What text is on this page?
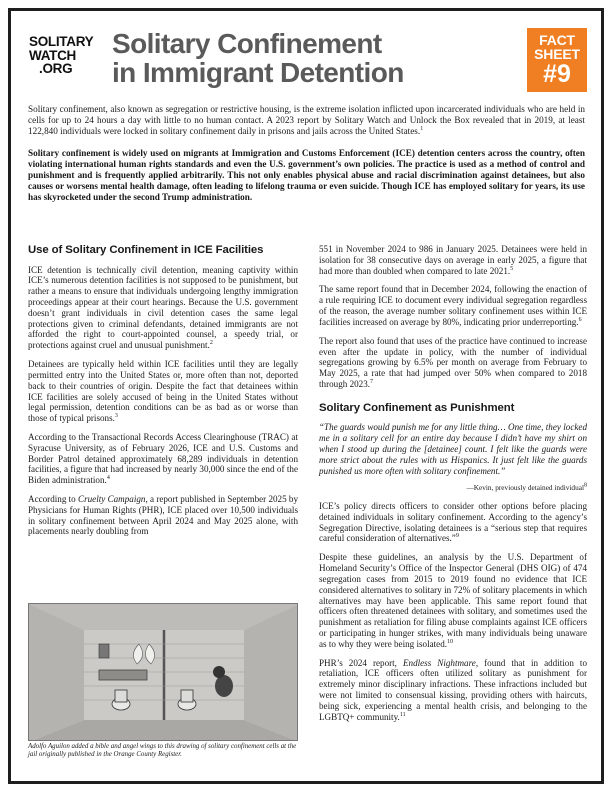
SOLITARY
WATCH
.ORG
Solitary Confinement
in Immigrant Detention
FACT SHEET
#9

Solitary confinement, also known as segregation or restrictive housing, is the extreme isolation inflicted upon incarcerated individuals who are held in cells for up to 24 hours a day with little to no human contact. A 2023 report by Solitary Watch and Unlock the Box revealed that in 2019, at least 122,840 individuals were locked in solitary confinement daily in prisons and jails across the United States.$^1$

Solitary confinement is widely used on migrants at Immigration and Customs Enforcement (ICE) detention centers across the country, often violating international human rights standards and even the U.S. government’s own policies. The practice is used as a method of control and punishment and is frequently applied arbitrarily. This not only enables physical abuse and racial discrimination against detainees, but also causes or worsens mental health damage, often leading to lifelong trauma or even suicide. Though ICE has employed solitary for years, its use has skyrocketed under the second Trump administration.

Use of Solitary Confinement in ICE Facilities

ICE detention is technically civil detention, meaning captivity within ICE’s numerous detention facilities is not supposed to be punishment, but rather a means to ensure that individuals undergoing lengthy immigration proceedings appear at their court hearings. Because the U.S. government doesn’t grant individuals in civil detention cases the same legal protections given to criminal defendants, detained immigrants are not afforded the right to court-appointed counsel, a speedy trial, or protections against cruel and unusual punishment.$^2$

Detainees are typically held within ICE facilities until they are legally permitted entry into the United States or, more often than not, deported back to their countries of origin. Despite the fact that detainees within ICE facilities are solely accused of being in the United States without legal permission, detention conditions can be as bad as or worse than those of typical prisons.$^3$

According to the Transactional Records Access Clearinghouse (TRAC) at Syracuse University, as of February 2026, ICE and U.S. Customs and Border Patrol detained approximately 68,289 individuals in detention facilities, a figure that had increased by nearly 30,000 since the end of the Biden administration.$^4$

According to Cruelty Campaign, a report published in September 2025 by Physicians for Human Rights (PHR), ICE placed over 10,500 individuals in solitary confinement between April 2024 and May 2025 alone, with placements nearly doubling from

Adolfo Aguilon added a bible and angel wings to this drawing of solitary confinement cells at the jail originally published in the Orange County Register.

551 in November 2024 to 986 in January 2025. Detainees were held in isolation for 38 consecutive days on average in early 2025, a figure that had more than doubled when compared to late 2021.$^5$

The same report found that in December 2024, following the enaction of a rule requiring ICE to document every individual segregation regardless of the reason, the average number solitary confinement uses within ICE facilities increased on average by 80%, indicating prior underreporting.$^6$

The report also found that uses of the practice have continued to increase even after the update in policy, with the number of individual segregations growing by 6.5% per month on average from February to May 2025, a rate that had jumped over 50% when compared to 2018 through 2023.$^7$

Solitary Confinement as Punishment

“The guards would punish me for any little thing… One time, they locked me in a solitary cell for an entire day because I didn’t have my shirt on when I stood up during the [detainee] count. I felt like the guards were more strict about the rules with us Hispanics. It just felt like the guards punished us more often with solitary confinement.”

—Kevin, previously detained individual$^8$

ICE’s policy directs officers to consider other options before placing detained individuals in solitary confinement. According to the agency’s Segregation Directive, isolating detainees is a “serious step that requires careful consideration of alternatives.”$^9$

Despite these guidelines, an analysis by the U.S. Department of Homeland Security’s Office of the Inspector General (DHS OIG) of 474 segregation cases from 2015 to 2019 found no evidence that ICE considered alternatives to solitary in 72% of solitary placements in which alternatives may have been applicable. This same report found that officers often threatened detainees with solitary, and sometimes used the punishment as retaliation for filing abuse complaints against ICE officers or participating in hunger strikes, with many individuals being unaware as to why they were being isolated.$^{10}$

PHR’s 2024 report, Endless Nightmare, found that in addition to retaliation, ICE officers often utilized solitary as punishment for extremely minor disciplinary infractions. These infractions included but were not limited to consensual kissing, providing others with haircuts, being sick, experiencing a mental health crisis, and belonging to the LGBTQ+ community.$^{11}$
